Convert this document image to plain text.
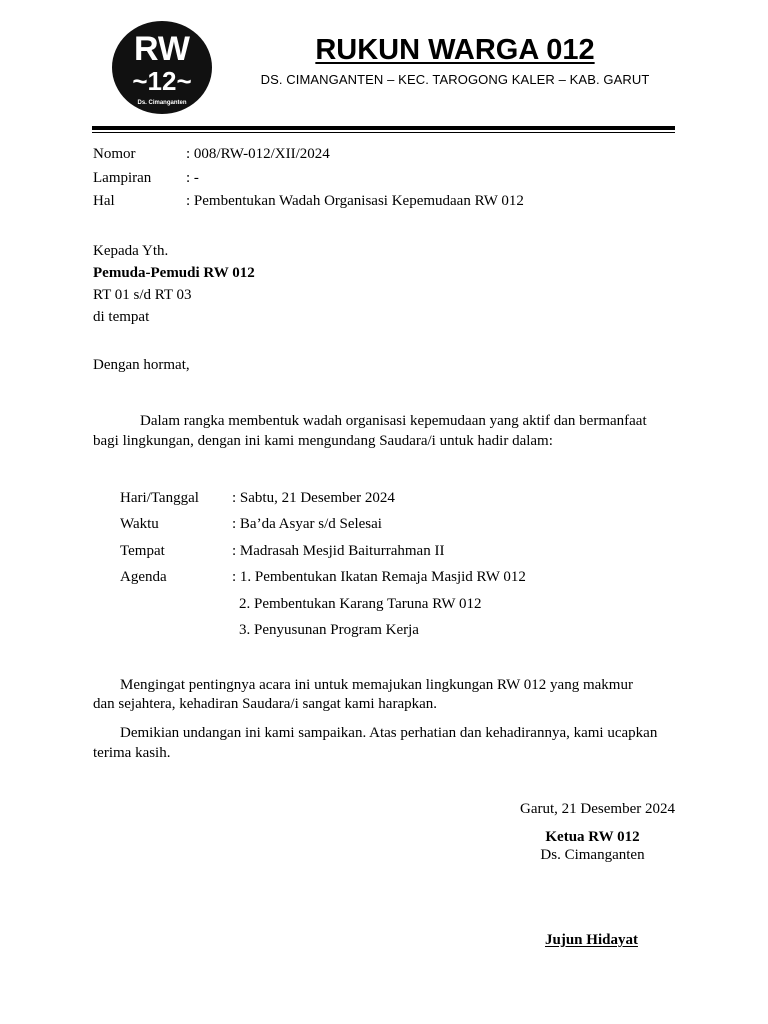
RW
~12~
Ds. Cimanganten
RUKUN WARGA 012
DS. CIMANGANTEN – KEC. TAROGONG KALER – KAB. GARUT
Nomor	: 008/RW-012/XII/2024
Lampiran : -
Hal	: Pembentukan Wadah Organisasi Kepemudaan RW 012
Kepada Yth.
Pemuda-Pemudi RW 012
RT 01 s/d RT 03
di tempat
Dengan hormat,
Dalam rangka membentuk wadah organisasi kepemudaan yang aktif dan bermanfaat
bagi lingkungan, dengan ini kami mengundang Saudara/i untuk hadir dalam:
Hari/Tanggal : Sabtu, 21 Desember 2024
Waktu	: Ba’da Asyar s/d Selesai
Tempat	: Madrasah Mesjid Baiturrahman II
Agenda	: 1. Pembentukan Ikatan Remaja Masjid RW 012
2. Pembentukan Karang Taruna RW 012
3. Penyusunan Program Kerja
Mengingat pentingnya acara ini untuk memajukan lingkungan RW 012 yang makmur
dan sejahtera, kehadiran Saudara/i sangat kami harapkan.
Demikian undangan ini kami sampaikan. Atas perhatian dan kehadirannya, kami ucapkan
terima kasih.
Garut, 21 Desember 2024
Ketua RW 012
Ds. Cimanganten
Jujun Hidayat
